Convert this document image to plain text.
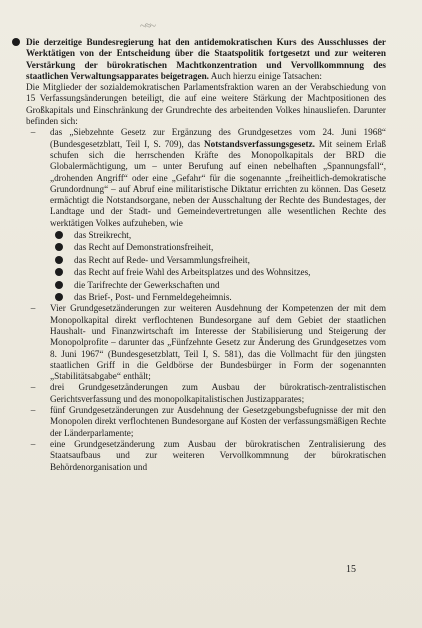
~≈~

Die derzeitige Bundesregierung hat den antidemokratischen Kurs des Ausschlusses der Werktätigen von der Entscheidung über die Staatspolitik fortgesetzt und zur weiteren Verstärkung der bürokratischen Machtkonzentration und Vervollkommnung des staatlichen Verwaltungsapparates beigetragen. Auch hierzu einige Tatsachen:

Die Mitglieder der sozialdemokratischen Parlamentsfraktion waren an der Verabschiedung von 15 Verfassungsänderungen beteiligt, die auf eine weitere Stärkung der Machtpositionen des Großkapitals und Einschränkung der Grundrechte des arbeitenden Volkes hinausliefen. Darunter befinden sich:

–	das „Siebzehnte Gesetz zur Ergänzung des Grundgesetzes vom 24. Juni 1968“ (Bundesgesetzblatt, Teil I, S. 709), das Notstandsverfassungsgesetz. Mit seinem Erlaß schufen sich die herrschenden Kräfte des Monopolkapitals der BRD die Globalermächtigung, um – unter Berufung auf einen nebelhaften „Spannungsfall“, „drohenden Angriff“ oder eine „Gefahr“ für die sogenannte „freiheitlich-demokratische Grundordnung“ – auf Abruf eine militaristische Diktatur errichten zu können. Das Gesetz ermächtigt die Notstandsorgane, neben der Ausschaltung der Rechte des Bundestages, der Landtage und der Stadt- und Gemeindevertretungen alle wesentlichen Rechte des werktätigen Volkes aufzuheben, wie
das Streikrecht,
das Recht auf Demonstrationsfreiheit,
das Recht auf Rede- und Versammlungsfreiheit,
das Recht auf freie Wahl des Arbeitsplatzes und des Wohnsitzes,
die Tarifrechte der Gewerkschaften und
das Brief-, Post- und Fernmeldegeheimnis.
–	Vier Grundgesetzänderungen zur weiteren Ausdehnung der Kompetenzen der mit dem Monopolkapital direkt verflochtenen Bundesorgane auf dem Gebiet der staatlichen Haushalt- und Finanzwirtschaft im Interesse der Stabilisierung und Steigerung der Monopolprofite – darunter das „Fünfzehnte Gesetz zur Änderung des Grundgesetzes vom 8. Juni 1967“ (Bundesgesetzblatt, Teil I, S. 581), das die Vollmacht für den jüngsten staatlichen Griff in die Geldbörse der Bundesbürger in Form der sogenannten „Stabilitätsabgabe“ enthält;
–	drei Grundgesetzänderungen zum Ausbau der bürokratisch-zentralistischen Gerichtsverfassung und des monopolkapitalistischen Justizapparates;
–	fünf Grundgesetzänderungen zur Ausdehnung der Gesetzgebungsbefugnisse der mit den Monopolen direkt verflochtenen Bundesorgane auf Kosten der verfassungsmäßigen Rechte der Länderparlamente;
–	eine Grundgesetzänderung zum Ausbau der bürokratischen Zentralisierung des Staatsaufbaus und zur weiteren Vervollkommnung der bürokratischen Behördenorganisation und
15
